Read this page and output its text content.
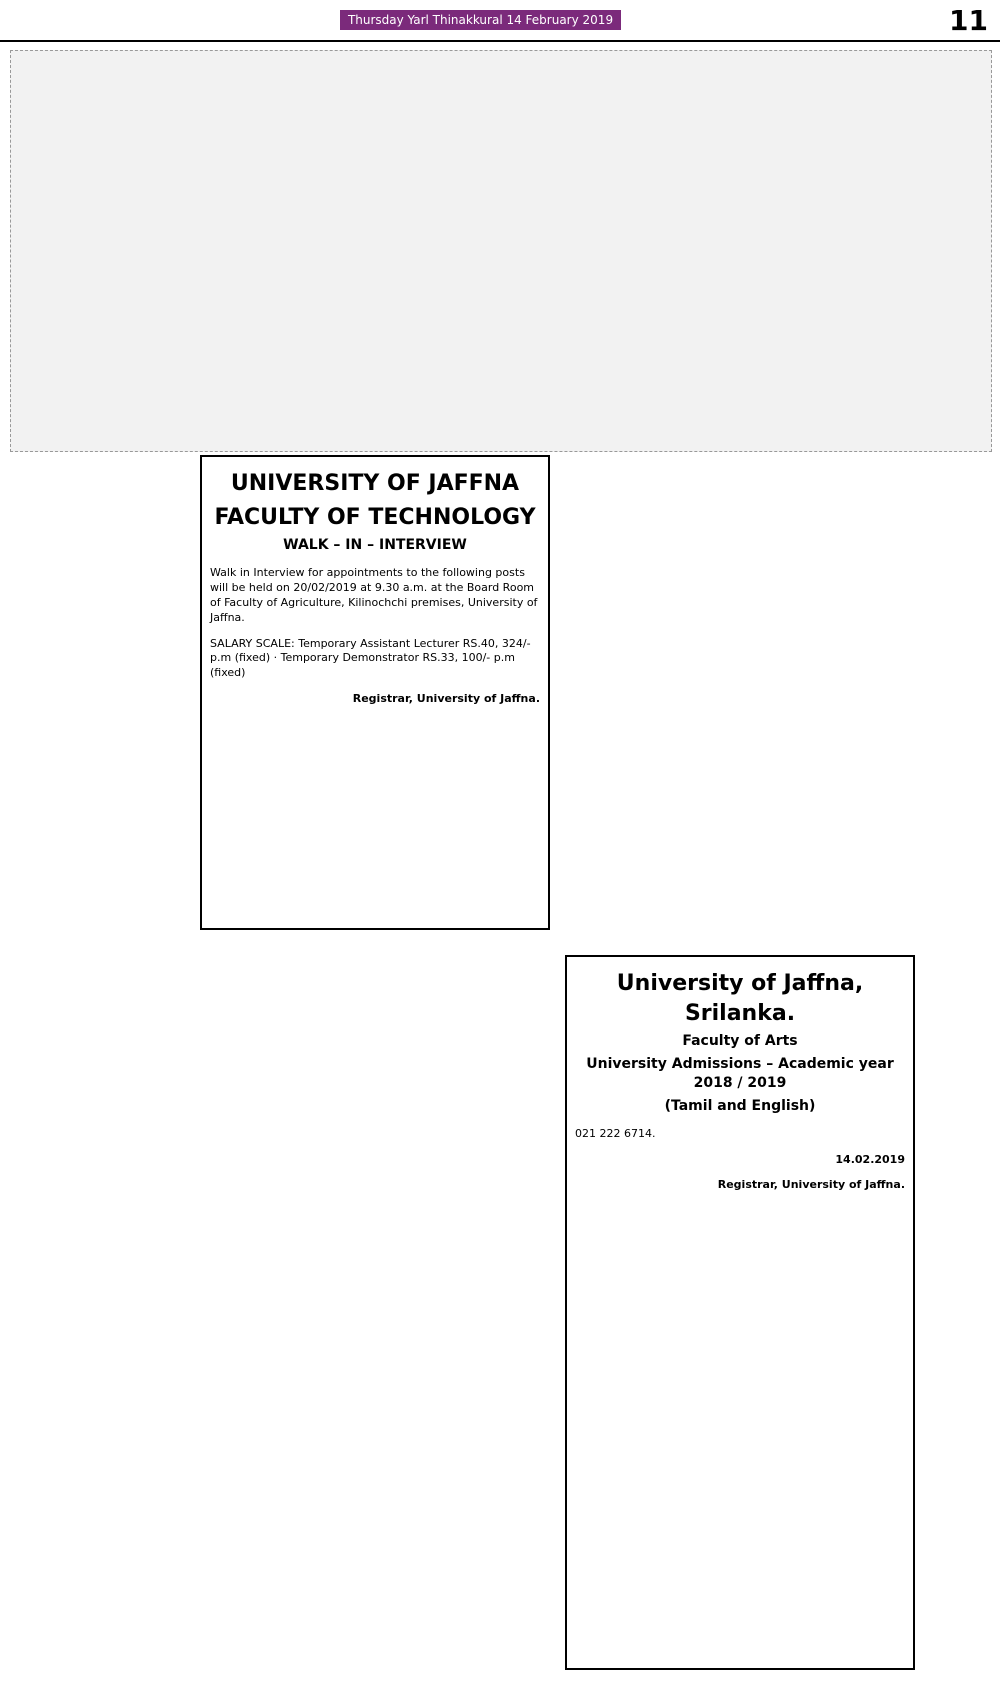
Thursday Yarl Thinakkural 14 February 2019	11
UNIVERSITY OF JAFFNA
FACULTY OF TECHNOLOGY
WALK – IN – INTERVIEW

Walk in Interview for appointments to the following posts will be held on 20/02/2019 at 9.30 a.m. at the Board Room of Faculty of Agriculture, Kilinochchi premises, University of Jaffna.

SALARY SCALE: Temporary Assistant Lecturer RS.40, 324/- p.m (fixed) · Temporary Demonstrator RS.33, 100/- p.m (fixed)

Registrar, University of Jaffna.
University of Jaffna, Srilanka.
Faculty of Arts
University Admissions – Academic year 2018 / 2019
(Tamil and English)

021 222 6714.

14.02.2019
Registrar, University of Jaffna.
